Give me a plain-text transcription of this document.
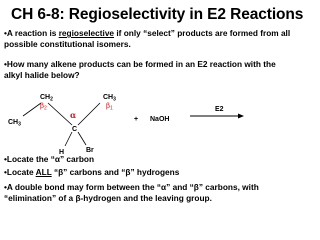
CH 6-8: Regioselectivity in E2 Reactions
•A reaction is regioselective if only “select” products are formed from all possible constitutional isomers.
•How many alkene products can be formed in an E2 reaction with the alkyl halide below?
$CH_2$
$\beta_2$
$CH_3$
$CH_3$
$\beta_1$
α
C
H	Br
+ NaOH
E2
•Locate the “α” carbon
•Locate ALL “β” carbons and “β” hydrogens
•A double bond may form between the “α” and “β” carbons, with “elimination” of a β-hydrogen and the leaving group.
